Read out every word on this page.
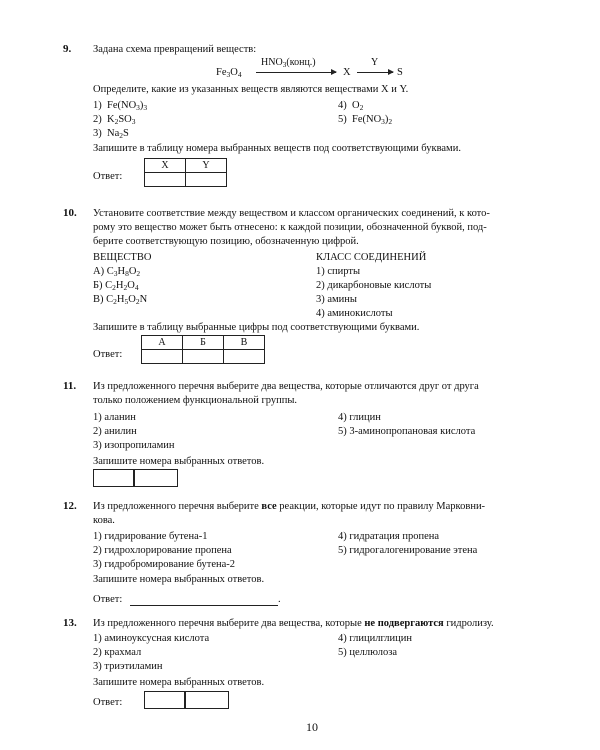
9. Задана схема превращений веществ:
$Fe_3O_4$
$HNO_3(конц.)$
X
Y
S
Определите, какие из указанных веществ являются веществами X и Y.
1) $Fe(NO_3)_3$
2) $K_2SO_3$
3) $Na_2S$
4) $O_2$
5) $Fe(NO_3)_2$
Запишите в таблицу номера выбранных веществ под соответствующими буквами.
Ответ:
X	Y

10. Установите соответствие между веществом и классом органических соединений, к кото-
рому это вещество может быть отнесено: к каждой позиции, обозначенной буквой, под-
берите соответствующую позицию, обозначенную цифрой.
ВЕЩЕСТВО	КЛАСС СОЕДИНЕНИЙ
А) $C_3H_8O_2$
Б) $C_2H_2O_4$
В) $C_2H_5O_2N$
1) спирты
2) дикарбоновые кислоты
3) амины
4) аминокислоты
Запишите в таблицу выбранные цифры под соответствующими буквами.
Ответ:
А	Б	В

11. Из предложенного перечня выберите два вещества, которые отличаются друг от друга
только положением функциональной группы.
1) аланин
2) анилин
3) изопропиламин
4) глицин
5) 3-аминопропановая кислота
Запишите номера выбранных ответов.
12. Из предложенного перечня выберите все реакции, которые идут по правилу Марковни-
кова.
1) гидрирование бутена-1
2) гидрохлорирование пропена
3) гидробромирование бутена-2
4) гидратация пропена
5) гидрогалогенирование этена
Запишите номера выбранных ответов.
Ответ:	.
13. Из предложенного перечня выберите два вещества, которые не подвергаются гидролизу.
1) аминоуксусная кислота
2) крахмал
3) триэтиламин
4) глицилглицин
5) целлюлоза
Запишите номера выбранных ответов.
Ответ:
10
